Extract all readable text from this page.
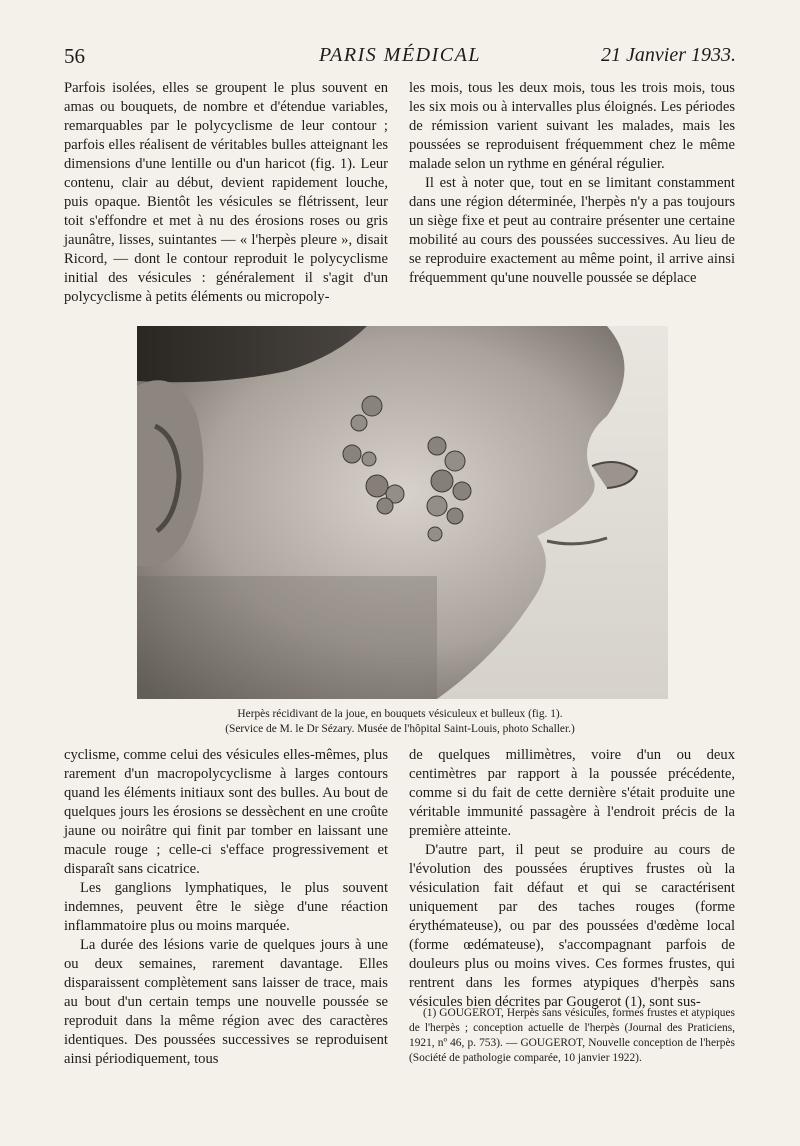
56	PARIS MÉDICAL	21 Janvier 1933.

Parfois isolées, elles se groupent le plus souvent en amas ou bouquets, de nombre et d'étendue variables, remarquables par le polycyclisme de leur contour ; parfois elles réalisent de véritables bulles atteignant les dimensions d'une lentille ou d'un haricot (fig. 1). Leur contenu, clair au début, devient rapidement louche, puis opaque. Bientôt les vésicules se flétrissent, leur toit s'effondre et met à nu des érosions roses ou gris jaunâtre, lisses, suintantes — « l'herpès pleure », disait Ricord, — dont le contour reproduit le polycyclisme initial des vésicules : généralement il s'agit d'un polycyclisme à petits éléments ou micropoly-

les mois, tous les deux mois, tous les trois mois, tous les six mois ou à intervalles plus éloignés. Les périodes de rémission varient suivant les malades, mais les poussées se reproduisent fréquemment chez le même malade selon un rythme en général régulier.

Il est à noter que, tout en se limitant constamment dans une région déterminée, l'herpès n'y a pas toujours un siège fixe et peut au contraire présenter une certaine mobilité au cours des poussées successives. Au lieu de se reproduire exactement au même point, il arrive ainsi fréquemment qu'une nouvelle poussée se déplace

Herpès récidivant de la joue, en bouquets vésiculeux et bulleux (fig. 1).
(Service de M. le Dr Sézary. Musée de l'hôpital Saint-Louis, photo Schaller.)

cyclisme, comme celui des vésicules elles-mêmes, plus rarement d'un macropolycyclisme à larges contours quand les éléments initiaux sont des bulles. Au bout de quelques jours les érosions se dessèchent en une croûte jaune ou noirâtre qui finit par tomber en laissant une macule rouge ; celle-ci s'efface progressivement et disparaît sans cicatrice.

Les ganglions lymphatiques, le plus souvent indemnes, peuvent être le siège d'une réaction inflammatoire plus ou moins marquée.

La durée des lésions varie de quelques jours à une ou deux semaines, rarement davantage. Elles disparaissent complètement sans laisser de trace, mais au bout d'un certain temps une nouvelle poussée se reproduit dans la même région avec des caractères identiques. Des poussées successives se reproduisent ainsi périodiquement, tous

de quelques millimètres, voire d'un ou deux centimètres par rapport à la poussée précédente, comme si du fait de cette dernière s'était produite une véritable immunité passagère à l'endroit précis de la première atteinte.

D'autre part, il peut se produire au cours de l'évolution des poussées éruptives frustes où la vésiculation fait défaut et qui se caractérisent uniquement par des taches rouges (forme érythémateuse), ou par des poussées d'œdème local (forme œdémateuse), s'accompagnant parfois de douleurs plus ou moins vives. Ces formes frustes, qui rentrent dans les formes atypiques d'herpès sans vésicules bien décrites par Gougerot (1), sont sus-

(1) GOUGEROT, Herpès sans vésicules, formes frustes et atypiques de l'herpès ; conception actuelle de l'herpès (Journal des Praticiens, 1921, nº 46, p. 753). — GOUGEROT, Nouvelle conception de l'herpès (Société de pathologie comparée, 10 janvier 1922).
